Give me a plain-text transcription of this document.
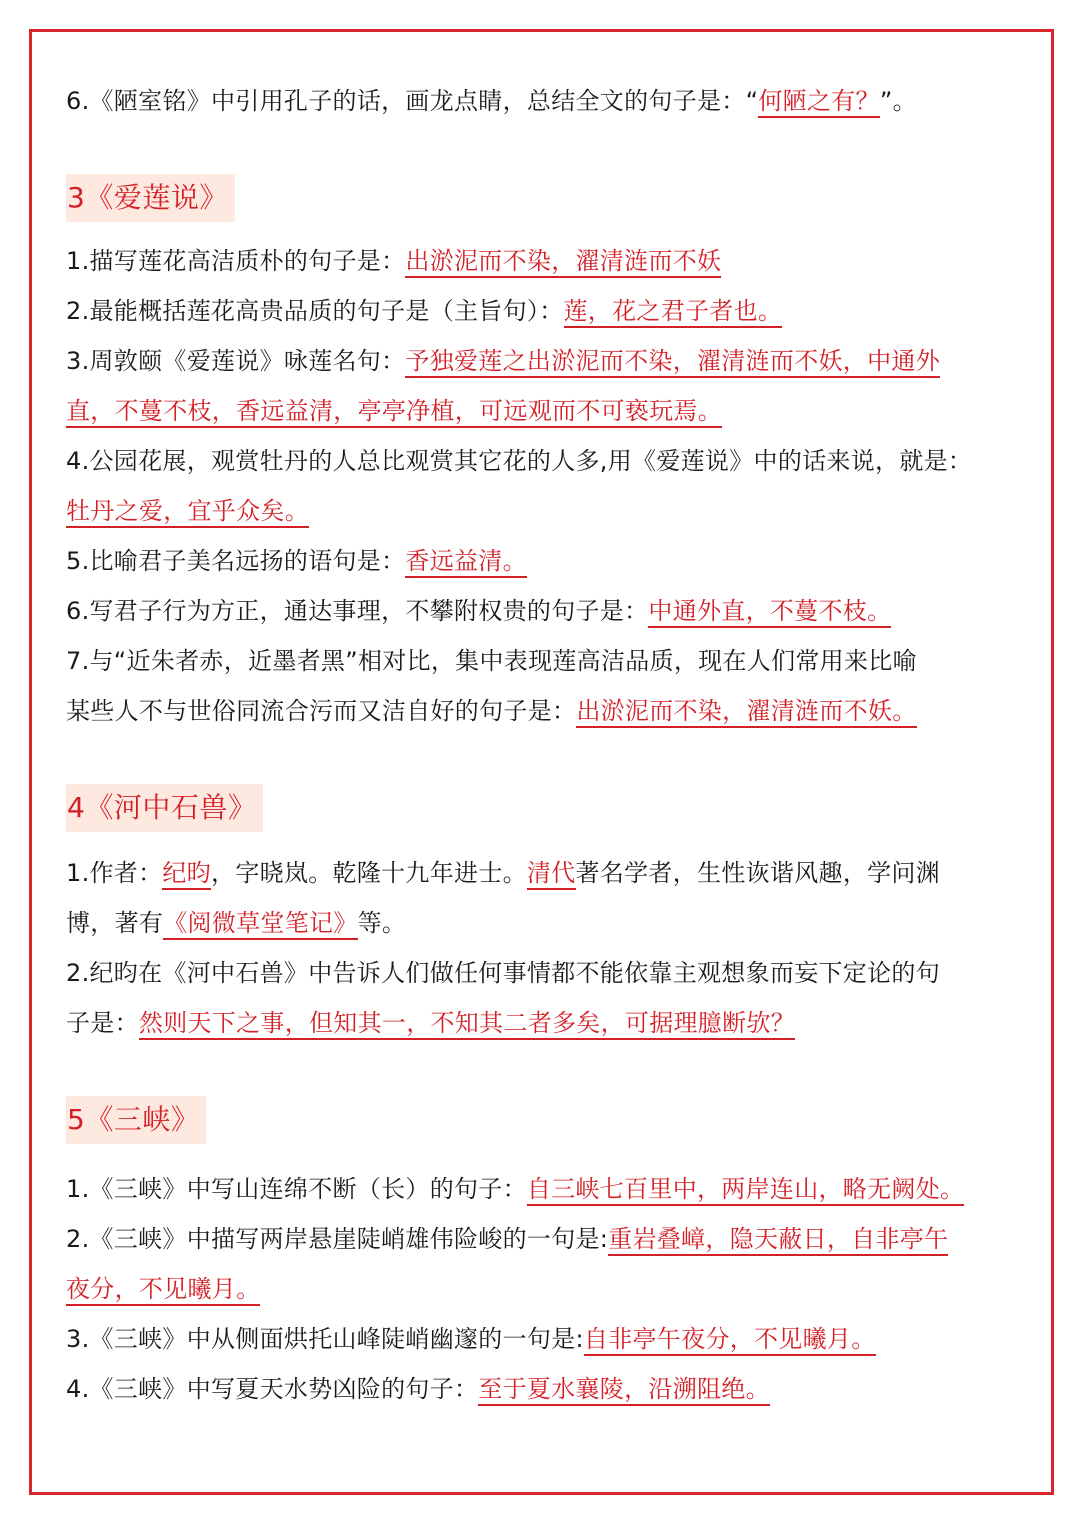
6.《陋室铭》中引用孔子的话，画龙点睛，总结全文的句子是：“何陋之有？”。
3《爱莲说》
1.描写莲花高洁质朴的句子是：出淤泥而不染，濯清涟而不妖
2.最能概括莲花高贵品质的句子是（主旨句）：莲，花之君子者也。
3.周敦颐《爱莲说》咏莲名句：予独爱莲之出淤泥而不染，濯清涟而不妖，中通外
直，不蔓不枝，香远益清，亭亭净植，可远观而不可亵玩焉。
4.公园花展，观赏牡丹的人总比观赏其它花的人多,用《爱莲说》中的话来说，就是：
牡丹之爱，宜乎众矣。
5.比喻君子美名远扬的语句是：香远益清。
6.写君子行为方正，通达事理，不攀附权贵的句子是：中通外直，不蔓不枝。
7.与“近朱者赤，近墨者黑”相对比，集中表现莲高洁品质，现在人们常用来比喻
某些人不与世俗同流合污而又洁自好的句子是：出淤泥而不染，濯清涟而不妖。
4《河中石兽》
1.作者：纪昀，字晓岚。乾隆十九年进士。清代著名学者，生性诙谐风趣，学问渊
博，著有《阅微草堂笔记》等。
2.纪昀在《河中石兽》中告诉人们做任何事情都不能依靠主观想象而妄下定论的句
子是：然则天下之事，但知其一，不知其二者多矣，可据理臆断欤？
5《三峡》
1.《三峡》中写山连绵不断（长）的句子：自三峡七百里中，两岸连山，略无阙处。
2.《三峡》中描写两岸悬崖陡峭雄伟险峻的一句是:重岩叠嶂，隐天蔽日，自非亭午
夜分，不见曦月。
3.《三峡》中从侧面烘托山峰陡峭幽邃的一句是:自非亭午夜分，不见曦月。
4.《三峡》中写夏天水势凶险的句子：至于夏水襄陵，沿溯阻绝。
